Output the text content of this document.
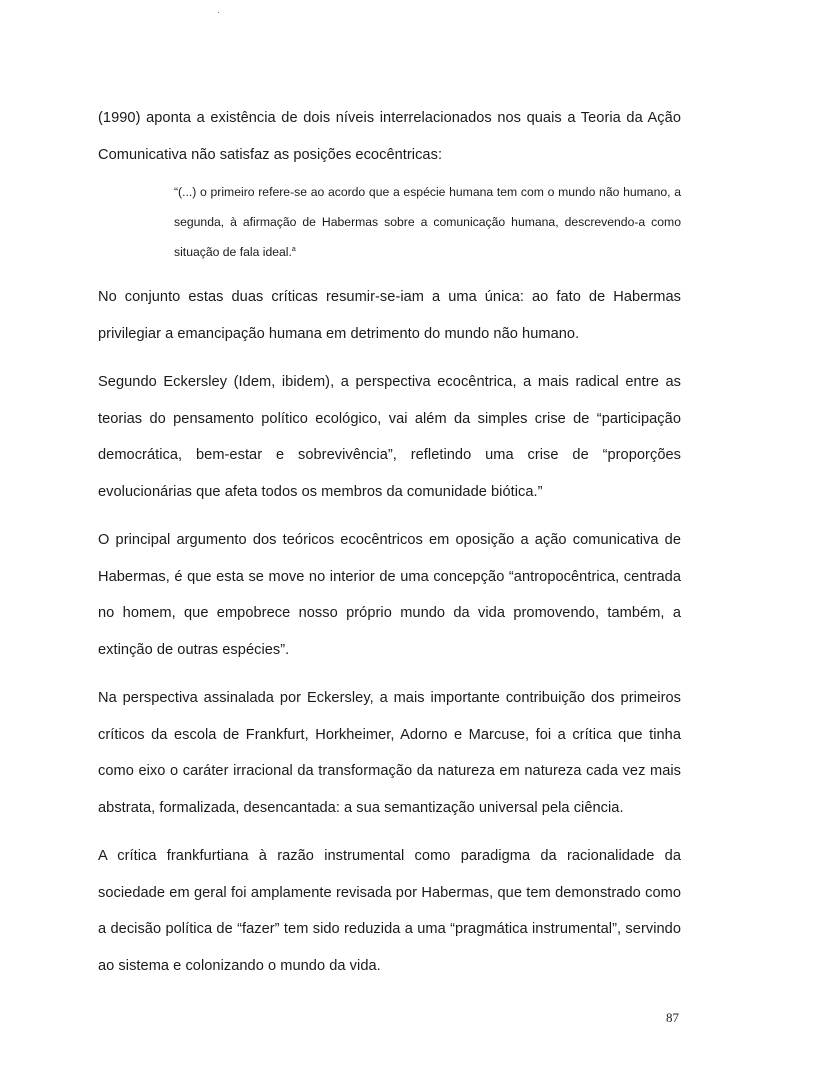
(1990) aponta a existência de dois níveis interrelacionados nos quais a Teoria da Ação Comunicativa não satisfaz as posições ecocêntricas:

“(...) o primeiro refere-se ao acordo que a espécie humana tem com o mundo não humano, a segunda, à afirmação de Habermas sobre a comunicação humana, descrevendo-a como situação de fala ideal.$^a$

No conjunto estas duas críticas resumir-se-iam a uma única: ao fato de Habermas privilegiar a emancipação humana em detrimento do mundo não humano.

Segundo Eckersley (Idem, ibidem), a perspectiva ecocêntrica, a mais radical entre as teorias do pensamento político ecológico, vai além da simples crise de “participação democrática, bem-estar e sobrevivência”, refletindo uma crise de “proporções evolucionárias que afeta todos os membros da comunidade biótica.”

O principal argumento dos teóricos ecocêntricos em oposição a ação comunicativa de Habermas, é que esta se move no interior de uma concepção “antropocêntrica, centrada no homem, que empobrece nosso próprio mundo da vida promovendo, também, a extinção de outras espécies”.

Na perspectiva assinalada por Eckersley, a mais importante contribuição dos primeiros críticos da escola de Frankfurt, Horkheimer, Adorno e Marcuse, foi a crítica que tinha como eixo o caráter irracional da transformação da natureza em natureza cada vez mais abstrata, formalizada, desencantada: a sua semantização universal pela ciência.

A crítica frankfurtiana à razão instrumental como paradigma da racionalidade da sociedade em geral foi amplamente revisada por Habermas, que tem demonstrado como a decisão política de “fazer” tem sido reduzida a uma “pragmática instrumental”, servindo ao sistema e colonizando o mundo da vida.

87
